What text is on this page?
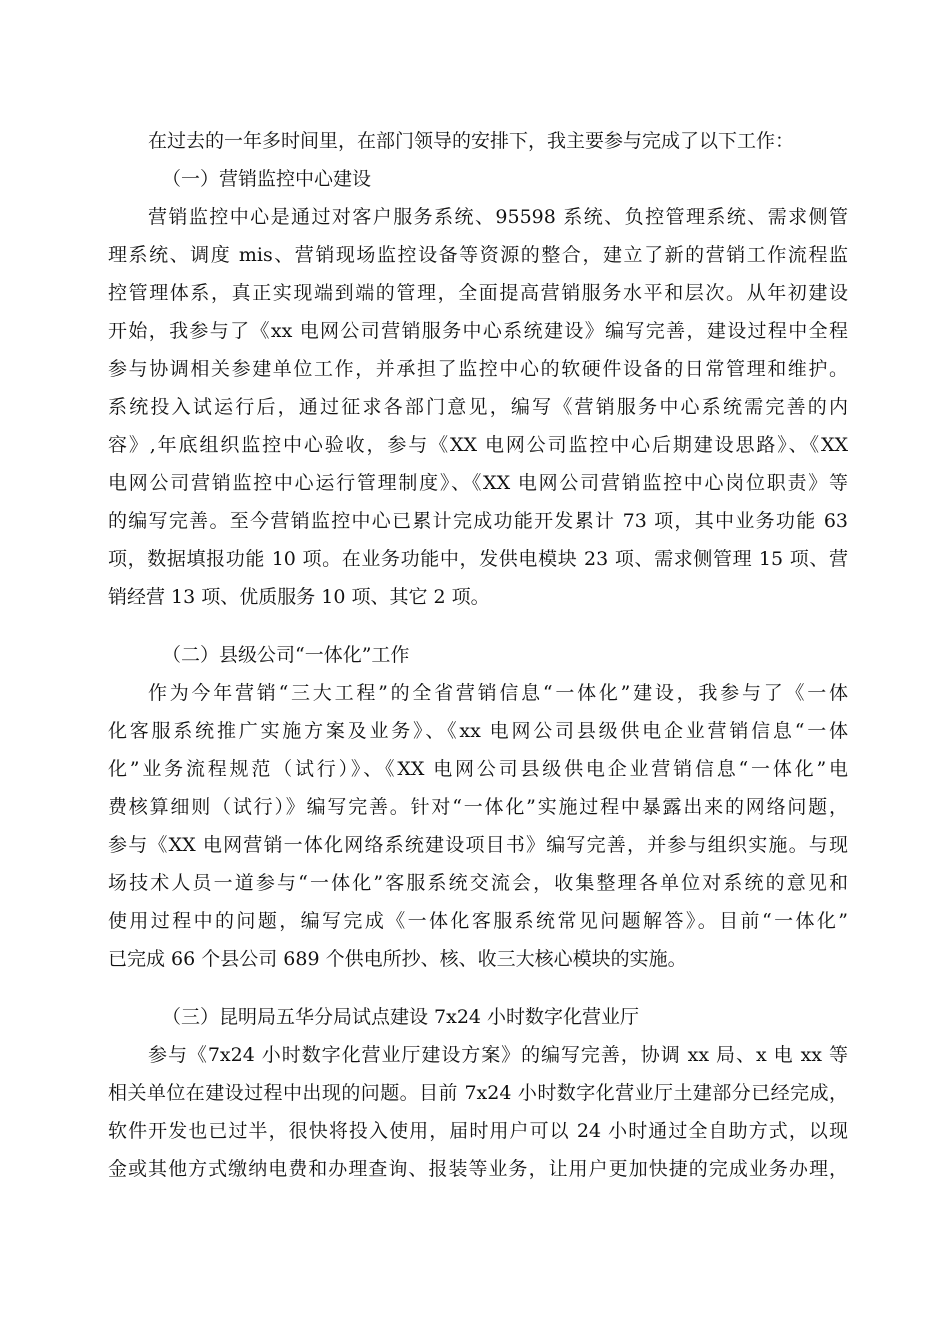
在过去的一年多时间里，在部门领导的安排下，我主要参与完成了以下工作：
（一）营销监控中心建设
营销监控中心是通过对客户服务系统、95598 系统、负控管理系统、需求侧管
理系统、调度 mis、营销现场监控设备等资源的整合，建立了新的营销工作流程监
控管理体系，真正实现端到端的管理，全面提高营销服务水平和层次。从年初建设
开始，我参与了《xx 电网公司营销服务中心系统建设》编写完善，建设过程中全程
参与协调相关参建单位工作，并承担了监控中心的软硬件设备的日常管理和维护。
系统投入试运行后，通过征求各部门意见，编写《营销服务中心系统需完善的内
容》,年底组织监控中心验收，参与《XX 电网公司监控中心后期建设思路》、《XX
电网公司营销监控中心运行管理制度》、《XX 电网公司营销监控中心岗位职责》等
的编写完善。至今营销监控中心已累计完成功能开发累计 73 项，其中业务功能 63
项，数据填报功能 10 项。在业务功能中，发供电模块 23 项、需求侧管理 15 项、营
销经营 13 项、优质服务 10 项、其它 2 项。
（二）县级公司“一体化”工作
作为今年营销“三大工程”的全省营销信息“一体化”建设，我参与了《一体
化客服系统推广实施方案及业务》、《xx 电网公司县级供电企业营销信息“一体
化”业务流程规范（试行）》、《XX 电网公司县级供电企业营销信息“一体化”电
费核算细则（试行）》编写完善。针对“一体化”实施过程中暴露出来的网络问题，
参与《XX 电网营销一体化网络系统建设项目书》编写完善，并参与组织实施。与现
场技术人员一道参与“一体化”客服系统交流会，收集整理各单位对系统的意见和
使用过程中的问题，编写完成《一体化客服系统常见问题解答》。目前“一体化”
已完成 66 个县公司 689 个供电所抄、核、收三大核心模块的实施。
（三）昆明局五华分局试点建设 7x24 小时数字化营业厅
参与《7x24 小时数字化营业厅建设方案》的编写完善，协调 xx 局、x 电 xx 等
相关单位在建设过程中出现的问题。目前 7x24 小时数字化营业厅土建部分已经完成，
软件开发也已过半，很快将投入使用，届时用户可以 24 小时通过全自助方式，以现
金或其他方式缴纳电费和办理查询、报装等业务，让用户更加快捷的完成业务办理，
